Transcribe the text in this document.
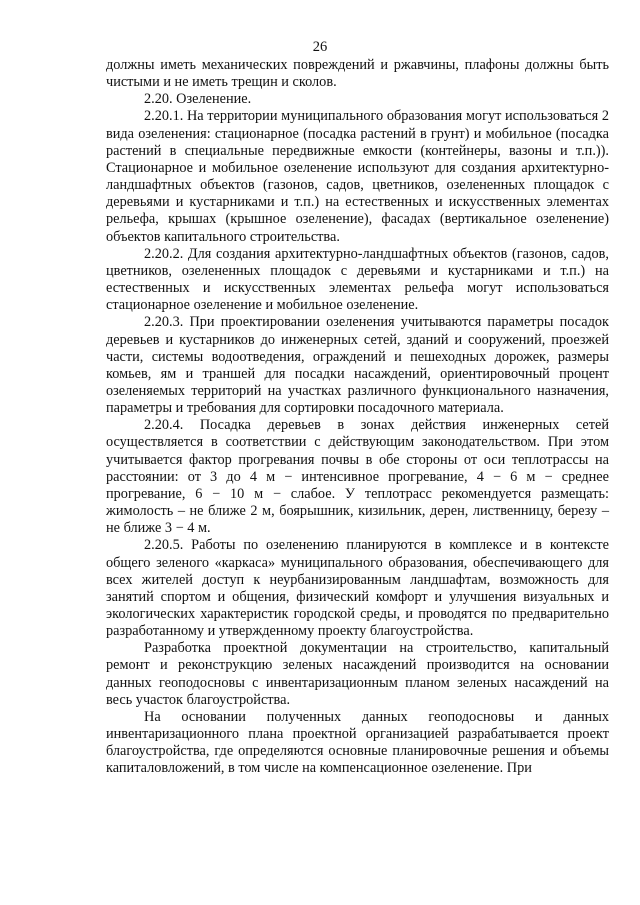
26

должны иметь механических повреждений и ржавчины, плафоны должны быть чистыми и не иметь трещин и сколов.

2.20. Озеленение.

2.20.1. На территории муниципального образования могут использоваться 2 вида озеленения: стационарное (посадка растений в грунт) и мобильное (посадка растений в специальные передвижные емкости (контейнеры, вазоны и т.п.)). Стационарное и мобильное озеленение используют для создания архитектурно-ландшафтных объектов (газонов, садов, цветников, озелененных площадок с деревьями и кустарниками и т.п.) на естественных и искусственных элементах рельефа, крышах (крышное озеленение), фасадах (вертикальное озеленение) объектов капитального строительства.

2.20.2. Для создания архитектурно-ландшафтных объектов (газонов, садов, цветников, озелененных площадок с деревьями и кустарниками и т.п.) на естественных и искусственных элементах рельефа могут использоваться стационарное озеленение и мобильное озеленение.

2.20.3. При проектировании озеленения учитываются параметры посадок деревьев и кустарников до инженерных сетей, зданий и сооружений, проезжей части, системы водоотведения, ограждений и пешеходных дорожек, размеры комьев, ям и траншей для посадки насаждений, ориентировочный процент озеленяемых территорий на участках различного функционального назначения, параметры и требования для сортировки посадочного материала.

2.20.4. Посадка деревьев в зонах действия инженерных сетей осуществляется в соответствии с действующим законодательством. При этом учитывается фактор прогревания почвы в обе стороны от оси теплотрассы на расстоянии: от 3 до 4 м − интенсивное прогревание, 4 − 6 м − среднее прогревание, 6 − 10 м − слабое. У теплотрасс рекомендуется размещать: жимолость – не ближе 2 м, боярышник, кизильник, дерен, лиственницу, березу – не ближе 3 − 4 м.

2.20.5. Работы по озеленению планируются в комплексе и в контексте общего зеленого «каркаса» муниципального образования, обеспечивающего для всех жителей доступ к неурбанизированным ландшафтам, возможность для занятий спортом и общения, физический комфорт и улучшения визуальных и экологических характеристик городской среды, и проводятся по предварительно разработанному и утвержденному проекту благоустройства.

Разработка проектной документации на строительство, капитальный ремонт и реконструкцию зеленых насаждений производится на основании данных геоподосновы с инвентаризационным планом зеленых насаждений на весь участок благоустройства.

На основании полученных данных геоподосновы и данных инвентаризационного плана проектной организацией разрабатывается проект благоустройства, где определяются основные планировочные решения и объемы капиталовложений, в том числе на компенсационное озеленение. При
